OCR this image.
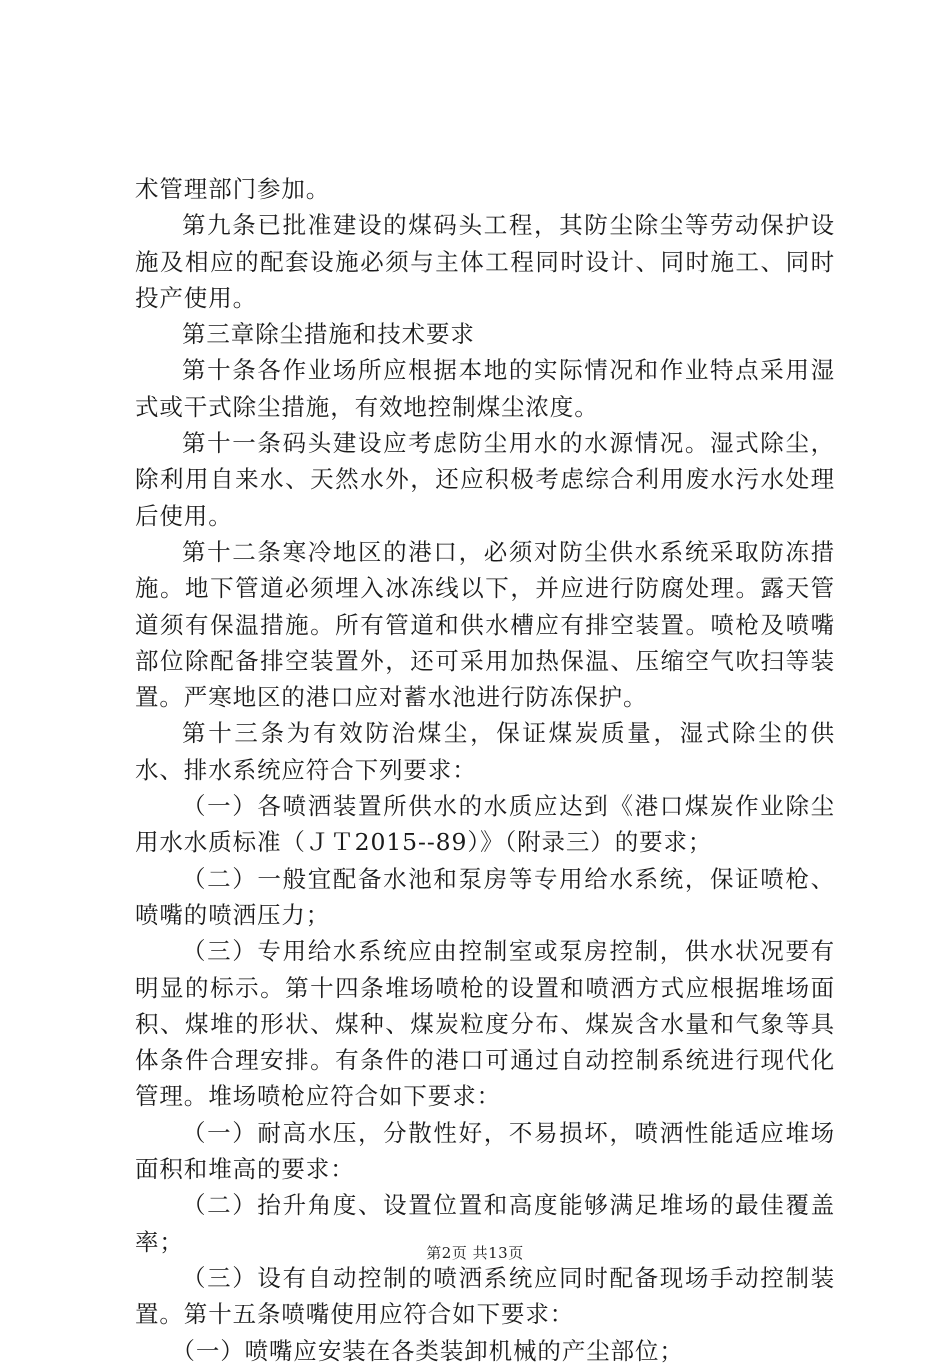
术管理部门参加。

第九条已批准建设的煤码头工程，其防尘除尘等劳动保护设施及相应的配套设施必须与主体工程同时设计、同时施工、同时投产使用。

第三章除尘措施和技术要求

第十条各作业场所应根据本地的实际情况和作业特点采用湿式或干式除尘措施，有效地控制煤尘浓度。

第十一条码头建设应考虑防尘用水的水源情况。湿式除尘，除利用自来水、天然水外，还应积极考虑综合利用废水污水处理后使用。

第十二条寒冷地区的港口，必须对防尘供水系统采取防冻措施。地下管道必须埋入冰冻线以下，并应进行防腐处理。露天管道须有保温措施。所有管道和供水槽应有排空装置。喷枪及喷嘴部位除配备排空装置外，还可采用加热保温、压缩空气吹扫等装置。严寒地区的港口应对蓄水池进行防冻保护。

第十三条为有效防治煤尘，保证煤炭质量，湿式除尘的供水、排水系统应符合下列要求：

（一）各喷洒装置所供水的水质应达到《港口煤炭作业除尘用水水质标准（ＪＴ2015--89）》（附录三）的要求；

（二）一般宜配备水池和泵房等专用给水系统，保证喷枪、喷嘴的喷洒压力；

（三）专用给水系统应由控制室或泵房控制，供水状况要有明显的标示。第十四条堆场喷枪的设置和喷洒方式应根据堆场面积、煤堆的形状、煤种、煤炭粒度分布、煤炭含水量和气象等具体条件合理安排。有条件的港口可通过自动控制系统进行现代化管理。堆场喷枪应符合如下要求：

（一）耐高水压，分散性好，不易损坏，喷洒性能适应堆场面积和堆高的要求：

（二）抬升角度、设置位置和高度能够满足堆场的最佳覆盖率；

（三）设有自动控制的喷洒系统应同时配备现场手动控制装置。第十五条喷嘴使用应符合如下要求：

（一）喷嘴应安装在各类装卸机械的产尘部位；

第2页 共13页
